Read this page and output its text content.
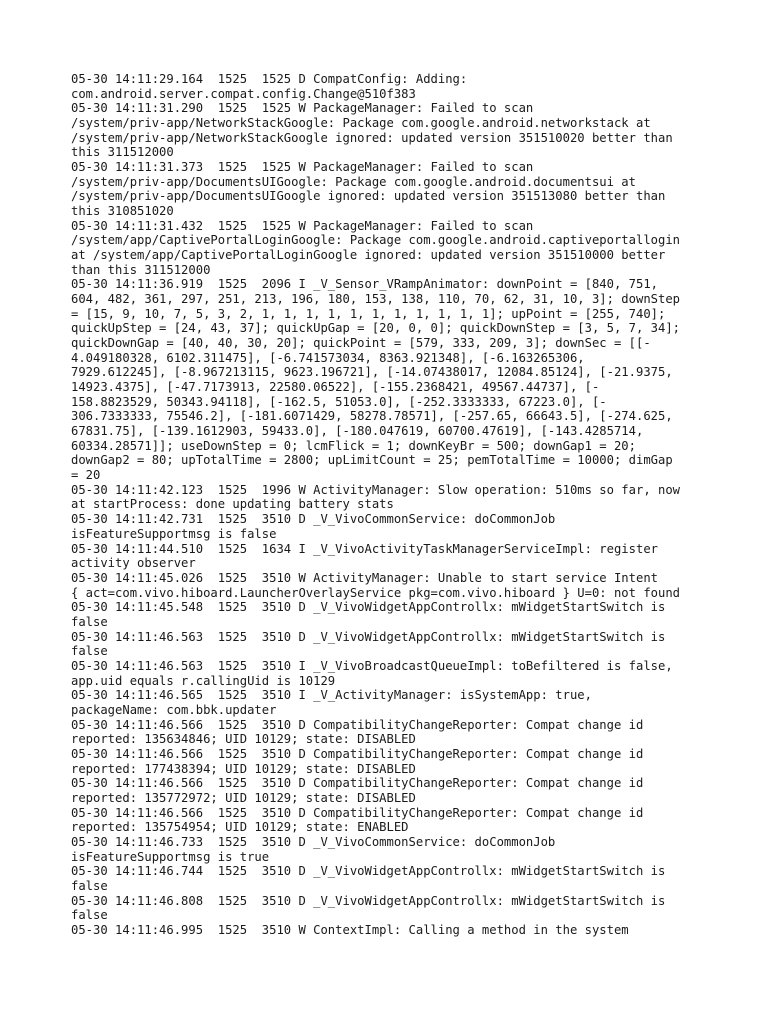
05-30 14:11:29.164  1525  1525 D CompatConfig: Adding:
com.android.server.compat.config.Change@510f383
05-30 14:11:31.290  1525  1525 W PackageManager: Failed to scan
/system/priv-app/NetworkStackGoogle: Package com.google.android.networkstack at
/system/priv-app/NetworkStackGoogle ignored: updated version 351510020 better than
this 311512000
05-30 14:11:31.373  1525  1525 W PackageManager: Failed to scan
/system/priv-app/DocumentsUIGoogle: Package com.google.android.documentsui at
/system/priv-app/DocumentsUIGoogle ignored: updated version 351513080 better than
this 310851020
05-30 14:11:31.432  1525  1525 W PackageManager: Failed to scan
/system/app/CaptivePortalLoginGoogle: Package com.google.android.captiveportallogin
at /system/app/CaptivePortalLoginGoogle ignored: updated version 351510000 better
than this 311512000
05-30 14:11:36.919  1525  2096 I _V_Sensor_VRampAnimator: downPoint = [840, 751,
604, 482, 361, 297, 251, 213, 196, 180, 153, 138, 110, 70, 62, 31, 10, 3]; downStep
= [15, 9, 10, 7, 5, 3, 2, 1, 1, 1, 1, 1, 1, 1, 1, 1, 1, 1]; upPoint = [255, 740];
quickUpStep = [24, 43, 37]; quickUpGap = [20, 0, 0]; quickDownStep = [3, 5, 7, 34];
quickDownGap = [40, 40, 30, 20]; quickPoint = [579, 333, 209, 3]; downSec = [[-
4.049180328, 6102.311475], [-6.741573034, 8363.921348], [-6.163265306,
7929.612245], [-8.967213115, 9623.196721], [-14.07438017, 12084.85124], [-21.9375,
14923.4375], [-47.7173913, 22580.06522], [-155.2368421, 49567.44737], [-
158.8823529, 50343.94118], [-162.5, 51053.0], [-252.3333333, 67223.0], [-
306.7333333, 75546.2], [-181.6071429, 58278.78571], [-257.65, 66643.5], [-274.625,
67831.75], [-139.1612903, 59433.0], [-180.047619, 60700.47619], [-143.4285714,
60334.28571]]; useDownStep = 0; lcmFlick = 1; downKeyBr = 500; downGap1 = 20;
downGap2 = 80; upTotalTime = 2800; upLimitCount = 25; pemTotalTime = 10000; dimGap
= 20
05-30 14:11:42.123  1525  1996 W ActivityManager: Slow operation: 510ms so far, now
at startProcess: done updating battery stats
05-30 14:11:42.731  1525  3510 D _V_VivoCommonService: doCommonJob
isFeatureSupportmsg is false
05-30 14:11:44.510  1525  1634 I _V_VivoActivityTaskManagerServiceImpl: register
activity observer
05-30 14:11:45.026  1525  3510 W ActivityManager: Unable to start service Intent
{ act=com.vivo.hiboard.LauncherOverlayService pkg=com.vivo.hiboard } U=0: not found
05-30 14:11:45.548  1525  3510 D _V_VivoWidgetAppControllx: mWidgetStartSwitch is
false
05-30 14:11:46.563  1525  3510 D _V_VivoWidgetAppControllx: mWidgetStartSwitch is
false
05-30 14:11:46.563  1525  3510 I _V_VivoBroadcastQueueImpl: toBefiltered is false,
app.uid equals r.callingUid is 10129
05-30 14:11:46.565  1525  3510 I _V_ActivityManager: isSystemApp: true,
packageName: com.bbk.updater
05-30 14:11:46.566  1525  3510 D CompatibilityChangeReporter: Compat change id
reported: 135634846; UID 10129; state: DISABLED
05-30 14:11:46.566  1525  3510 D CompatibilityChangeReporter: Compat change id
reported: 177438394; UID 10129; state: DISABLED
05-30 14:11:46.566  1525  3510 D CompatibilityChangeReporter: Compat change id
reported: 135772972; UID 10129; state: DISABLED
05-30 14:11:46.566  1525  3510 D CompatibilityChangeReporter: Compat change id
reported: 135754954; UID 10129; state: ENABLED
05-30 14:11:46.733  1525  3510 D _V_VivoCommonService: doCommonJob
isFeatureSupportmsg is true
05-30 14:11:46.744  1525  3510 D _V_VivoWidgetAppControllx: mWidgetStartSwitch is
false
05-30 14:11:46.808  1525  3510 D _V_VivoWidgetAppControllx: mWidgetStartSwitch is
false
05-30 14:11:46.995  1525  3510 W ContextImpl: Calling a method in the system
